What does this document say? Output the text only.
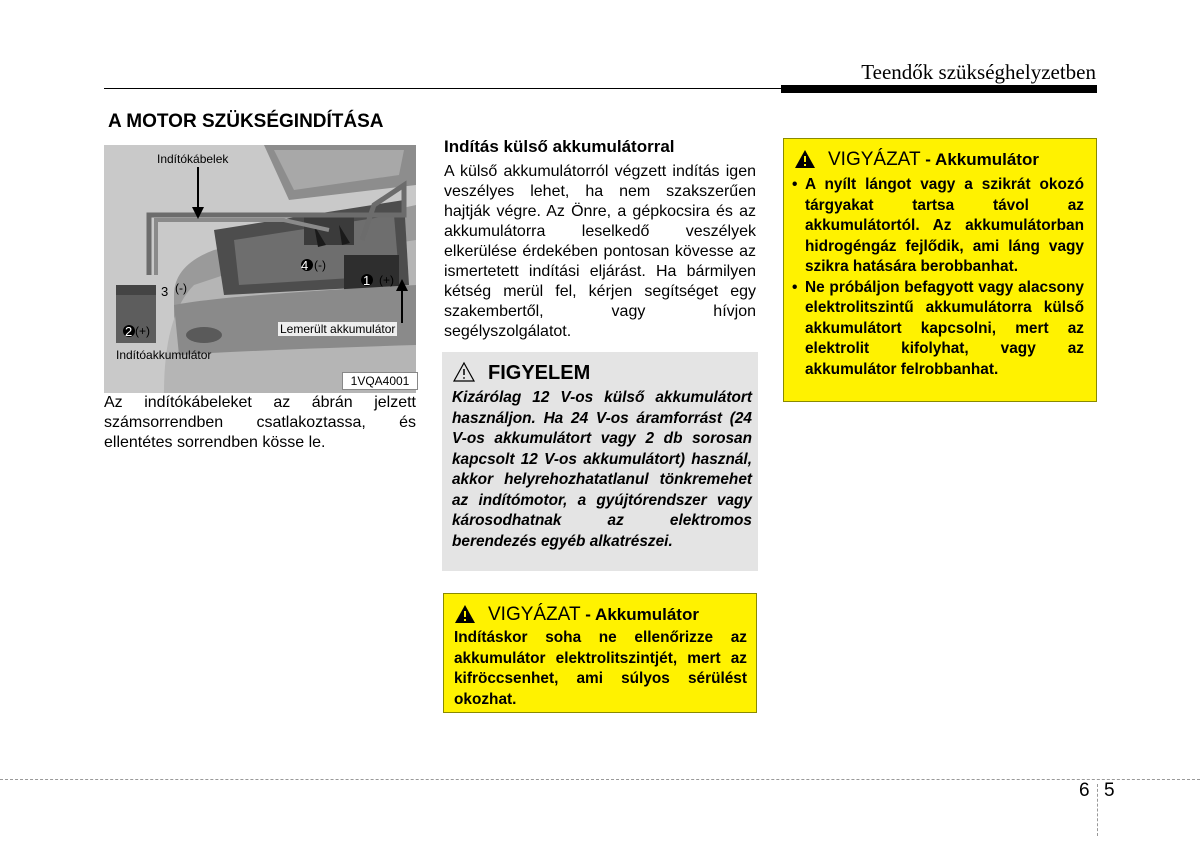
Teendők szükséghelyzetben
A MOTOR SZÜKSÉGINDÍTÁSA
Indítókábelek
Lemerült akkumulátor
Indítóakkumulátor
4 (-)
1 (+)
3 (-)
2 (+)
1VQA4001
Az indítókábeleket az ábrán jelzett számsorrendben csatlakoztassa, és ellentétes sorrendben kösse le.
Indítás külső akkumulátorral
A külső akkumulátorról végzett indítás igen veszélyes lehet, ha nem szakszerűen hajtják végre. Az Önre, a gépkocsira és az akkumulátorra leselkedő veszélyek elkerülése érdekében pontosan kövesse az ismertetett indítási eljárást. Ha bármilyen kétség merül fel, kérjen segítséget egy szakembertől, vagy hívjon segélyszolgálatot.
FIGYELEM
Kizárólag 12 V-os külső akkumulátort használjon. Ha 24 V-os áramforrást (24 V-os akkumulátort vagy 2 db sorosan kapcsolt 12 V-os akkumulátort) használ, akkor helyrehozhatatlanul tönkremehet az indítómotor, a gyújtórendszer vagy károsodhatnak az elektromos berendezés egyéb alkatrészei.
VIGYÁZAT - Akkumulátor
Indításkor soha ne ellenőrizze az akkumulátor elektrolitszintjét, mert az kifröccsenhet, ami súlyos sérülést okozhat.
VIGYÁZAT - Akkumulátor
• A nyílt lángot vagy a szikrát okozó tárgyakat tartsa távol az akkumulátortól. Az akkumulátorban hidrogéngáz fejlődik, ami láng vagy szikra hatására berobbanhat.
• Ne próbáljon befagyott vagy alacsony elektrolitszintű akkumulátorra külső akkumulátort kapcsolni, mert az elektrolit kifolyhat, vagy az akkumulátor felrobbanhat.
6 5
